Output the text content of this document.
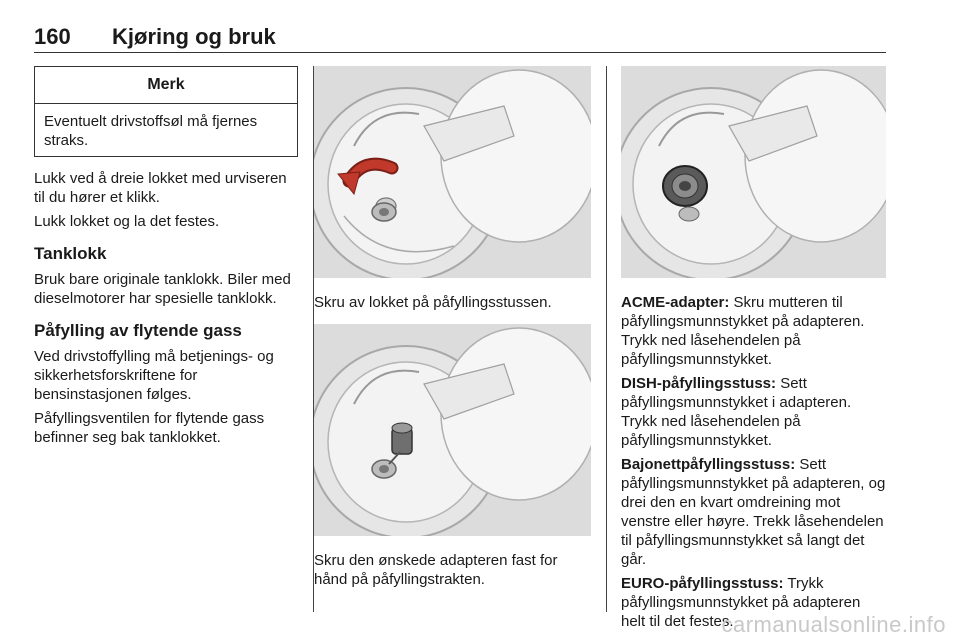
160 Kjøring og bruk
Merk
Eventuelt drivstoffsøl må fjernes straks.

Lukk ved å dreie lokket med urviseren til du hører et klikk.

Lukk lokket og la det festes.

Tanklokk

Bruk bare originale tanklokk. Biler med dieselmotorer har spesielle tanklokk.

Påfylling av flytende gass

Ved drivstoffylling må betjenings- og sikkerhetsforskriftene for bensinstasjonen følges.

Påfyllingsventilen for flytende gass befinner seg bak tanklokket.

Skru av lokket på påfyllingsstussen.

Skru den ønskede adapteren fast for hånd på påfyllingstrakten.

ACME-adapter: Skru mutteren til påfyllingsmunnstykket på adapteren. Trykk ned låsehendelen på påfyllingsmunnstykket.

DISH-påfyllingsstuss: Sett påfyllingsmunnstykket i adapteren. Trykk ned låsehendelen på påfyllingsmunnstykket.

Bajonettpåfyllingsstuss: Sett påfyllingsmunnstykket på adapteren, og drei den en kvart omdreining mot venstre eller høyre. Trekk låsehendelen til påfyllingsmunnstykket så langt det går.

EURO-påfyllingsstuss: Trykk påfyllingsmunnstykket på adapteren helt til det festes.

carmanualsonline.info
